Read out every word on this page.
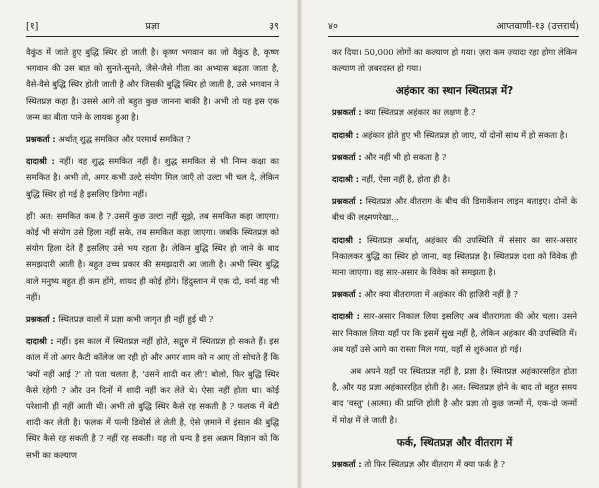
[१]	प्रज्ञा	३९

वैकुंठ में जाते हुए बुद्धि स्थिर हो जाती है। कृष्ण भगवान का जो वैकुंठ है, कृष्ण भगवान की उस बात को सुनते-सुनते, जैसे-जैसे गीता का अभ्यास बढ़ता जाता है, वैसे-वैसे बुद्धि स्थिर होती जाती है और जिसकी बुद्धि स्थिर हो जाती है, उसे भगवान ने स्थितप्रज्ञ कहा है। उससे आगे तो बहुत कुछ जानना बाकी है। अभी तो यह इस एक जन्म का बीता पाने के लायक हुआ है।

प्रश्नकर्ता : अर्थात् शुद्ध समकित और परमार्थ समकित ?

दादाश्री : नहीं। वह शुद्ध समकित नहीं है। शुद्ध समकित से भी निम्न कक्षा का समकित है। अभी तो, अगर कभी उल्टे संयोग मिल जाएँ तो उल्टा भी चल दे, लेकिन बुद्धि स्थिर हो गई है इसलिए डिगेगा नहीं।

हाँ! अत: समकित कब है ? उसमें कुछ उल्टा नहीं सूझे, तब समकित कहा जाएगा। कोई भी संयोग उसे हिला नहीं सके, तब समकित कहा जाएगा। जबकि स्थितप्रज्ञ को संयोग हिला देते हैं इसलिए उसे भय रहता है। लेकिन बुद्धि स्थिर हो जाने के बाद समझदारी आती है। बहुत उच्च प्रकार की समझदारी आ जाती है। अभी स्थिर बुद्धि वाले मनुष्य बहुत ही कम होंगे, शायद ही कोई होंगे। हिंदुस्तान में एक दो, वर्ना वह भी नहीं।

प्रश्नकर्ता : स्थितप्रज्ञ वालों में प्रज्ञा कभी जागृत ही नहीं हुई थी ?

दादाश्री : नहीं। इस काल में स्थितप्रज्ञ नहीं होते, सद्गुरु में स्थितप्रज्ञ हो सकते हैं। इस काल में तो अगर कैटी कॉलेज जा रही हो और अगर शाम को न आए तो सोचते हैं कि 'क्यों नहीं आई ?' तो पता चलता है, 'उसने शादी कर ली'! बोलो, फिर बुद्धि स्थिर कैसे रहेगी ? और उन दिनों में शादी नहीं कर लेते थे। ऐसा नहीं होता था। कोई परेशानी ही नहीं आती थी। अभी तो बुद्धि स्थिर कैसे रह सकती है ? फलक में बेटी शादी कर लेती है। फलक में पत्नी डिवोर्स ले लेती है, ऐसे ज़माने में इंसान की बुद्धि स्थिर कैसे रह सकती है ? नहीं रह सकती। यह तो धन्य है इस अक्रम विज्ञान को कि सभी का कल्याण

४०	आप्तवाणी-१३ (उत्तरार्ध)

कर दिया। 50,000 लोगों का कल्याण हो गया। ज़रा कम ज़्यादा रहा होगा लेकिन कल्याण तो ज़बरदस्त हो गया।

अहंकार का स्थान स्थितप्रज्ञ में?

प्रश्नकर्ता : क्या स्थितप्रज्ञ अहंकार का लक्षण है ?

दादाश्री : अहंकार होते हुए भी स्थितप्रज्ञ हो जाए, यों दोनों साथ में हो सकता है।

प्रश्नकर्ता : और नहीं भी हो सकता है ?

दादाश्री : नहीं, ऐसा नहीं है, होता ही है।

प्रश्नकर्ता : स्थितप्रज्ञ और वीतराग के बीच की डिमार्केशन लाइन बताइए। दोनों के बीच की लक्ष्मणरेखा...

दादाश्री : स्थितप्रज्ञ अर्थात्, अहंकार की उपस्थिति में संसार का सार-असार निकालकर बुद्धि का स्थिर हो जाना, वह स्थितप्रज्ञ है। स्थितप्रज्ञ दशा को विवेक ही माना जाएगा। वह सार-असार के विवेक को समझता है।

प्रश्नकर्ता : और क्या वीतरागता में अहंकार की हाज़िरी नहीं है ?

दादाश्री : सार-असार निकाल लिया इसलिए अब वीतरागता की ओर चला। उसने सार निकाल लिया यहाँ पर कि इसमें सुख नहीं है, लेकिन अहंकार की उपस्थिति में। अब यहाँ उसे आगे का रास्ता मिल गया, यहाँ से शुरुआत हो गई।

अब अपने यहाँ पर स्थितप्रज्ञ नहीं है, प्रज्ञा है। स्थितप्रज्ञ अहंकारसहित होता है, और यह प्रज्ञा अहंकाररहित होती है। अत: स्थितप्रज्ञ होने के बाद तो बहुत समय बाद 'वस्तु' (आत्मा) की प्राप्ति होती है और प्रज्ञा तो कुछ जन्मों में, एक-दो जन्मों में मोक्ष में ले जाती है।

फर्क, स्थितप्रज्ञ और वीतराग में

प्रश्नकर्ता : तो फिर स्थितप्रज्ञ और वीतराग में क्या फर्क है ?
